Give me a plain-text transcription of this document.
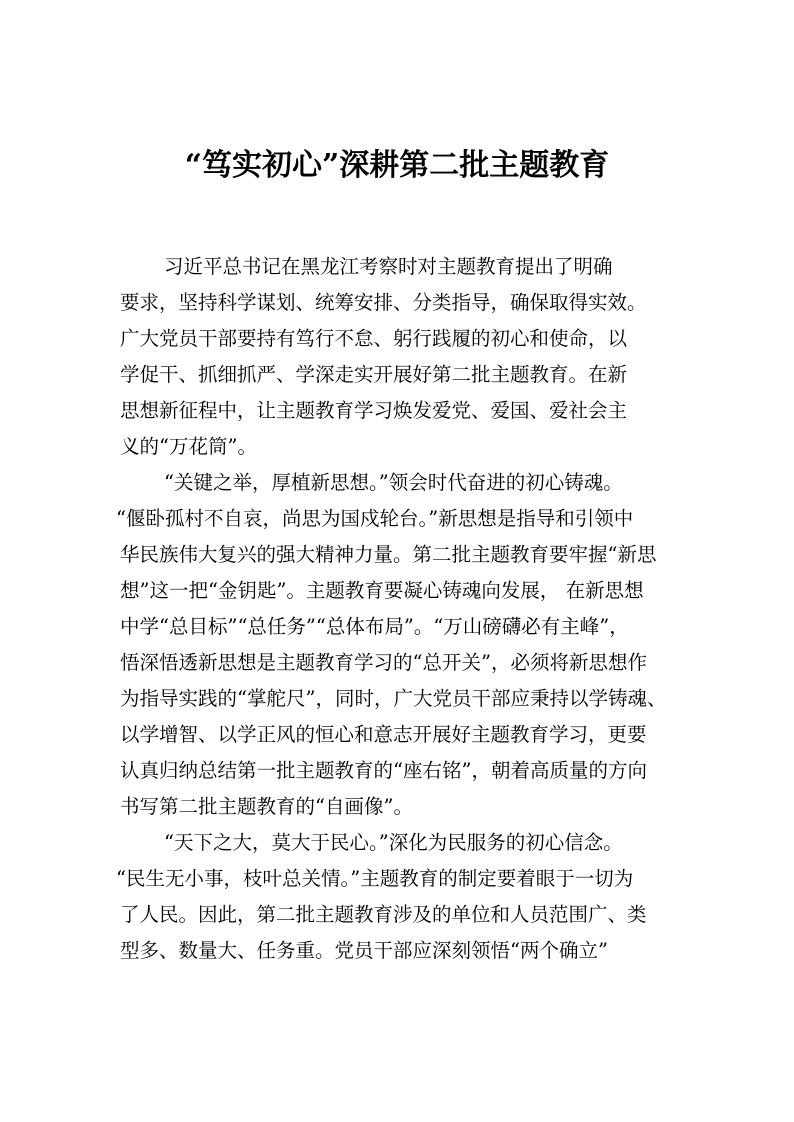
“笃实初心”深耕第二批主题教育
习近平总书记在黑龙江考察时对主题教育提出了明确
要求，坚持科学谋划、统筹安排、分类指导，确保取得实效。
广大党员干部要持有笃行不怠、躬行践履的初心和使命，以
学促干、抓细抓严、学深走实开展好第二批主题教育。在新
思想新征程中，让主题教育学习焕发爱党、爱国、爱社会主
义的“万花筒”。
“关键之举，厚植新思想。”领会时代奋进的初心铸魂。
“偃卧孤村不自哀，尚思为国戍轮台。”新思想是指导和引领中
华民族伟大复兴的强大精神力量。第二批主题教育要牢握“新思
想”这一把“金钥匙”。主题教育要凝心铸魂向发展， 在新思想
中学“总目标”“总任务”“总体布局”。“万山磅礴必有主峰”，
悟深悟透新思想是主题教育学习的“总开关”，必须将新思想作
为指导实践的“掌舵尺”，同时，广大党员干部应秉持以学铸魂、
以学增智、以学正风的恒心和意志开展好主题教育学习，更要
认真归纳总结第一批主题教育的“座右铭”，朝着高质量的方向
书写第二批主题教育的“自画像”。
“天下之大，莫大于民心。”深化为民服务的初心信念。
“民生无小事，枝叶总关情。”主题教育的制定要着眼于一切为
了人民。因此，第二批主题教育涉及的单位和人员范围广、类
型多、数量大、任务重。党员干部应深刻领悟“两个确立”
